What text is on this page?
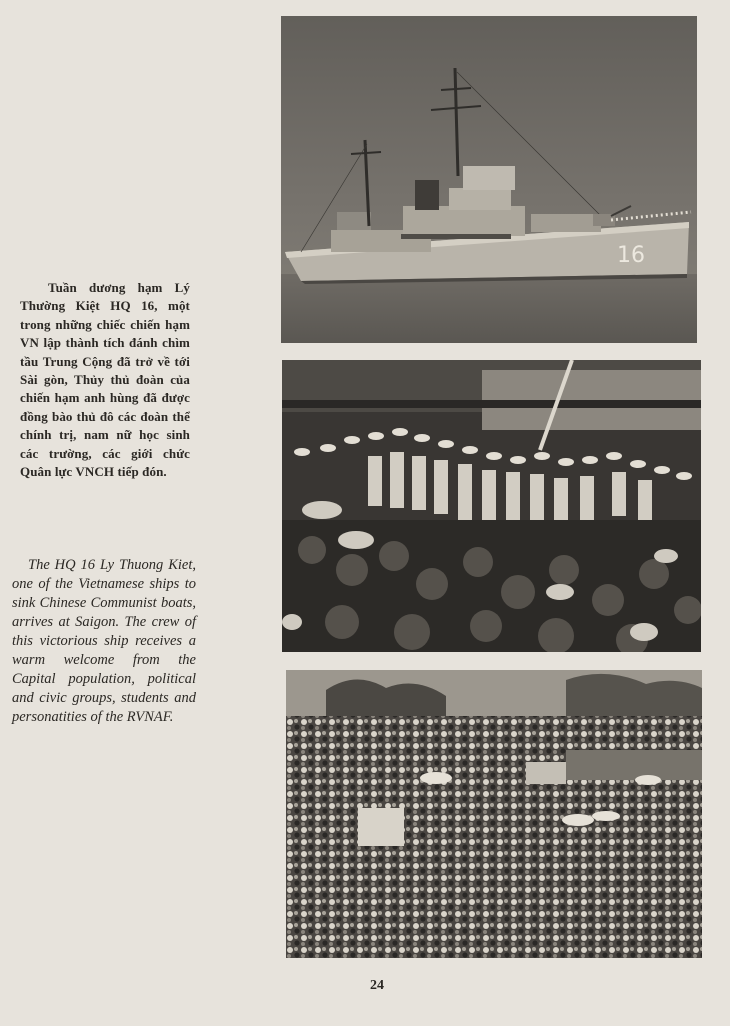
Tuần dương hạm Lý Thường Kiệt HQ 16, một trong những chiếc chiến hạm VN lập thành tích đánh chìm tầu Trung Cộng đã trở về tới Sài gòn, Thủy thủ đoàn của chiến hạm anh hùng đã được đồng bào thủ đô các đoàn thể chính trị, nam nữ học sinh các trường, các giới chức Quân lực VNCH tiếp đón.

The HQ 16 Ly Thuong Kiet, one of the Vietnamese ships to sink Chinese Communist boats, arrives at Saigon. The crew of this victorious ship receives a warm welcome from the Capital population, political and civic groups, students and personatities of the RVNAF.

16
24
